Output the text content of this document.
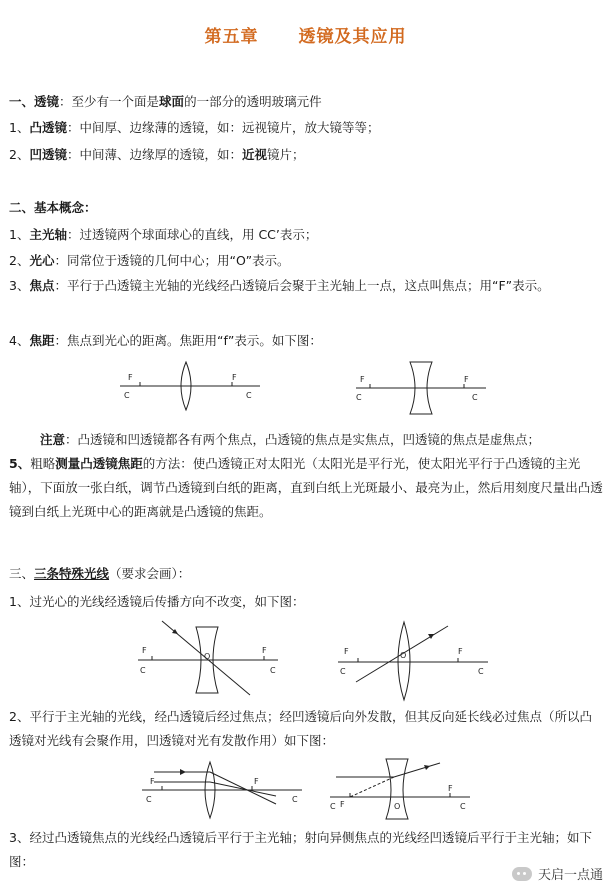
第五章 透镜及其应用
一、透镜：至少有一个面是球面的一部分的透明玻璃元件
1、凸透镜：中间厚、边缘薄的透镜，如：远视镜片，放大镜等等；
2、凹透镜：中间薄、边缘厚的透镜，如：近视镜片；
二、基本概念：
1、主光轴：过透镜两个球面球心的直线，用 CC’表示；
2、光心：同常位于透镜的几何中心；用“O”表示。
3、焦点：平行于凸透镜主光轴的光线经凸透镜后会聚于主光轴上一点，这点叫焦点；用“F”表示。
4、焦距：焦点到光心的距离。焦距用“f”表示。如下图：
F	F
C	C
F	F
C	C
注意：凸透镜和凹透镜都各有两个焦点，凸透镜的焦点是实焦点，凹透镜的焦点是虚焦点；
5、粗略测量凸透镜焦距的方法：使凸透镜正对太阳光（太阳光是平行光，使太阳光平行于凸透镜的主光轴），下面放一张白纸，调节凸透镜到白纸的距离，直到白纸上光斑最小、最亮为止，然后用刻度尺量出凸透镜到白纸上光斑中心的距离就是凸透镜的焦距。
三、三条特殊光线（要求会画）：
1、过光心的光线经透镜后传播方向不改变，如下图：
F	F
O
C	C
F	F
O
C	C
2、平行于主光轴的光线，经凸透镜后经过焦点；经凹透镜后向外发散，但其反向延长线必过焦点（所以凸透镜对光线有会聚作用，凹透镜对光有发散作用）如下图：
F	F
C	C
F
F
O
C	C
3、经过凸透镜焦点的光线经凸透镜后平行于主光轴；射向异侧焦点的光线经凹透镜后平行于主光轴；如下图：
天启一点通
